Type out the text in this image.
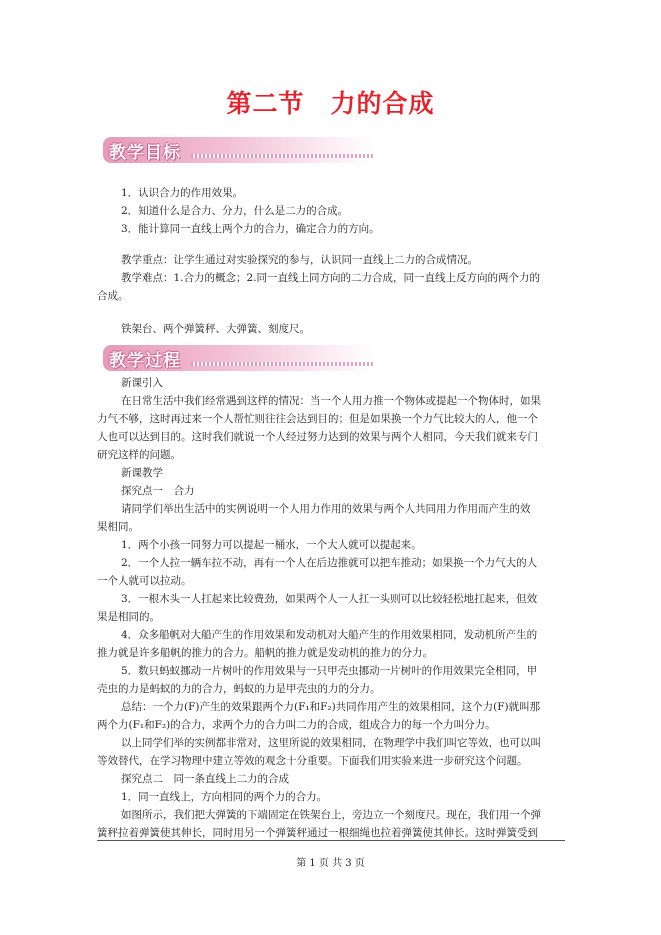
第二节 力的合成
教学目标
1．认识合力的作用效果。
2．知道什么是合力、分力，什么是二力的合成。
3．能计算同一直线上两个力的合力，确定合力的方向。
教学重点：让学生通过对实验探究的参与，认识同一直线上二力的合成情况。
教学难点：1.合力的概念；2.同一直线上同方向的二力合成，同一直线上反方向的两个力的
合成。
铁架台、两个弹簧秤、大弹簧、刻度尺。
教学过程
新课引入
在日常生活中我们经常遇到这样的情况：当一个人用力推一个物体或提起一个物体时，如果
力气不够，这时再过来一个人帮忙则往往会达到目的；但是如果换一个力气比较大的人，他一个
人也可以达到目的。这时我们就说一个人经过努力达到的效果与两个人相同，今天我们就来专门
研究这样的问题。
新课教学
探究点一　合力
请同学们举出生活中的实例说明一个人用力作用的效果与两个人共同用力作用而产生的效
果相同。
1．两个小孩一同努力可以提起一桶水，一个大人就可以提起来。
2．一个人拉一辆车拉不动，再有一个人在后边推就可以把车推动；如果换一个力气大的人
一个人就可以拉动。
3．一根木头一人扛起来比较费劲，如果两个人一人扛一头则可以比较轻松地扛起来，但效
果是相同的。
4．众多船帆对大船产生的作用效果和发动机对大船产生的作用效果相同，发动机所产生的
推力就是许多船帆的推力的合力。船帆的推力就是发动机的推力的分力。
5．数只蚂蚁挪动一片树叶的作用效果与一只甲壳虫挪动一片树叶的作用效果完全相同，甲
壳虫的力是蚂蚁的力的合力，蚂蚁的力是甲壳虫的力的分力。
总结：一个力(F)产生的效果跟两个力(F₁和F₂)共同作用产生的效果相同，这个力(F)就叫那
两个力(F₁和F₂)的合力，求两个力的合力叫二力的合成，组成合力的每一个力叫分力。
以上同学们举的实例都非常对，这里所说的效果相同，在物理学中我们叫它等效，也可以叫
等效替代，在学习物理中建立等效的观念十分重要。下面我们用实验来进一步研究这个问题。
探究点二　同一条直线上二力的合成
1．同一直线上，方向相同的两个力的合力。
如图所示，我们把大弹簧的下端固定在铁架台上，旁边立一个刻度尺。现在，我们用一个弹
簧秤拉着弹簧使其伸长，同时用另一个弹簧秤通过一根细绳也拉着弹簧使其伸长。这时弹簧受到
第 1 页 共 3 页
